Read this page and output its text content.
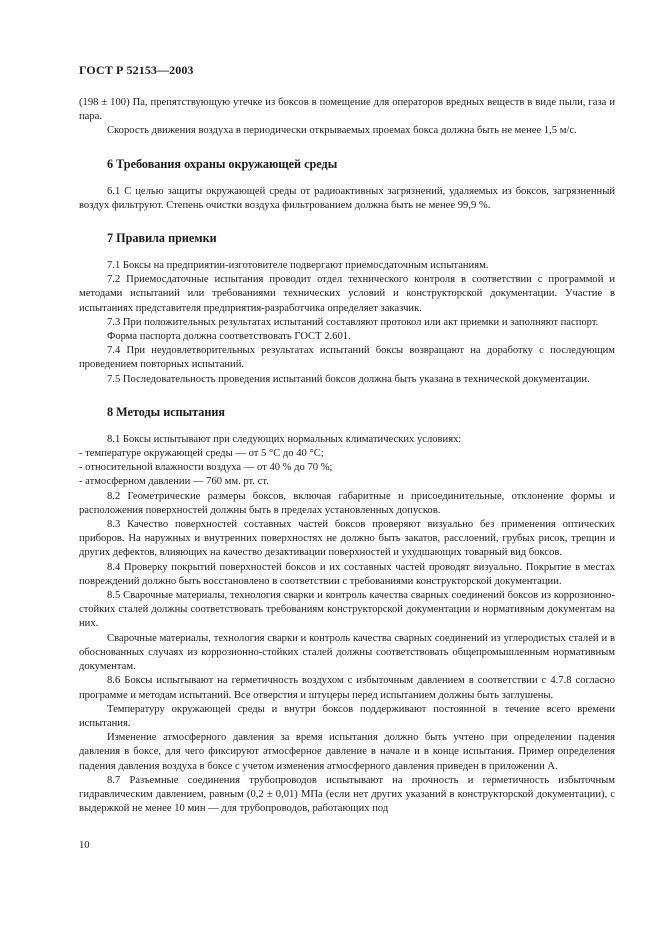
ГОСТ Р 52153—2003

(198 ± 100) Па, препятствующую утечке из боксов в помещение для операторов вредных веществ в виде пыли, газа и пара.

Скорость движения воздуха в периодически открываемых проемах бокса должна быть не менее 1,5 м/с.

6 Требования охраны окружающей среды

6.1 С целью защиты окружающей среды от радиоактивных загрязнений, удаляемых из боксов, загрязненный воздух фильтруют. Степень очистки воздуха фильтрованием должна быть не менее 99,9 %.

7 Правила приемки

7.1 Боксы на предприятии-изготовителе подвергают приемосдаточным испытаниям.

7.2 Приемосдаточные испытания проводит отдел технического контроля в соответствии с программой и методами испытаний или требованиями технических условий и конструкторской документации. Участие в испытаниях представителя предприятия-разработчика определяет заказчик.

7.3 При положительных результатах испытаний составляют протокол или акт приемки и заполняют паспорт.

Форма паспорта должна соответствовать ГОСТ 2.601.

7.4 При неудовлетворительных результатах испытаний боксы возвращают на доработку с последующим проведением повторных испытаний.

7.5 Последовательность проведения испытаний боксов должна быть указана в технической документации.

8 Методы испытания

8.1 Боксы испытывают при следующих нормальных климатических условиях:

- температуре окружающей среды — от 5 °С до 40 °С;

- относительной влажности воздуха — от 40 % до 70 %;

- атмосферном давлении — 760 мм. рт. ст.

8.2 Геометрические размеры боксов, включая габаритные и присоединительные, отклонение формы и расположения поверхностей должны быть в пределах установленных допусков.

8.3 Качество поверхностей составных частей боксов проверяют визуально без применения оптических приборов. На наружных и внутренних поверхностях не должно быть закатов, расслоений, грубых рисок, трещин и других дефектов, влияющих на качество дезактивации поверхностей и ухудшающих товарный вид боксов.

8.4 Проверку покрытий поверхностей боксов и их составных частей проводят визуально. Покрытие в местах повреждений должно быть восстановлено в соответствии с требованиями конструкторской документации.

8.5 Сварочные материалы, технология сварки и контроль качества сварных соединений боксов из коррозионно-стойких сталей должны соответствовать требованиям конструкторской документации и нормативным документам на них.

Сварочные материалы, технология сварки и контроль качества сварных соединений из углеродистых сталей и в обоснованных случаях из коррозионно-стойких сталей должны соответствовать общепромышленным нормативным документам.

8.6 Боксы испытывают на герметичность воздухом с избыточным давлением в соответствии с 4.7.8 согласно программе и методам испытаний. Все отверстия и штуцеры перед испытанием должны быть заглушены.

Температуру окружающей среды и внутри боксов поддерживают постоянной в течение всего времени испытания.

Изменение атмосферного давления за время испытания должно быть учтено при определении падения давления в боксе, для чего фиксируют атмосферное давление в начале и в конце испытания. Пример определения падения давления воздуха в боксе с учетом изменения атмосферного давления приведен в приложении А.

8.7 Разъемные соединения трубопроводов испытывают на прочность и герметичность избыточным гидравлическим давлением, равным (0,2 ± 0,01) МПа (если нет других указаний в конструкторской документации), с выдержкой не менее 10 мин — для трубопроводов, работающих под

10
